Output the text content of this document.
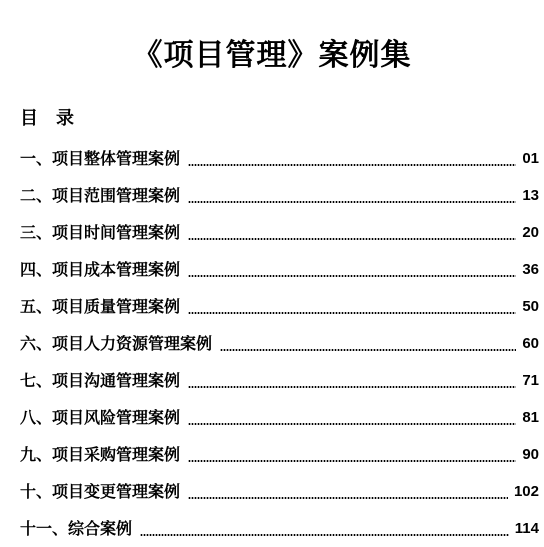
《项目管理》案例集
目　录
一、项目整体管理案例	01
二、项目范围管理案例	13
三、项目时间管理案例	20
四、项目成本管理案例	36
五、项目质量管理案例	50
六、项目人力资源管理案例	60
七、项目沟通管理案例	71
八、项目风险管理案例	81
九、项目采购管理案例	90
十、项目变更管理案例	102
十一、综合案例	114
